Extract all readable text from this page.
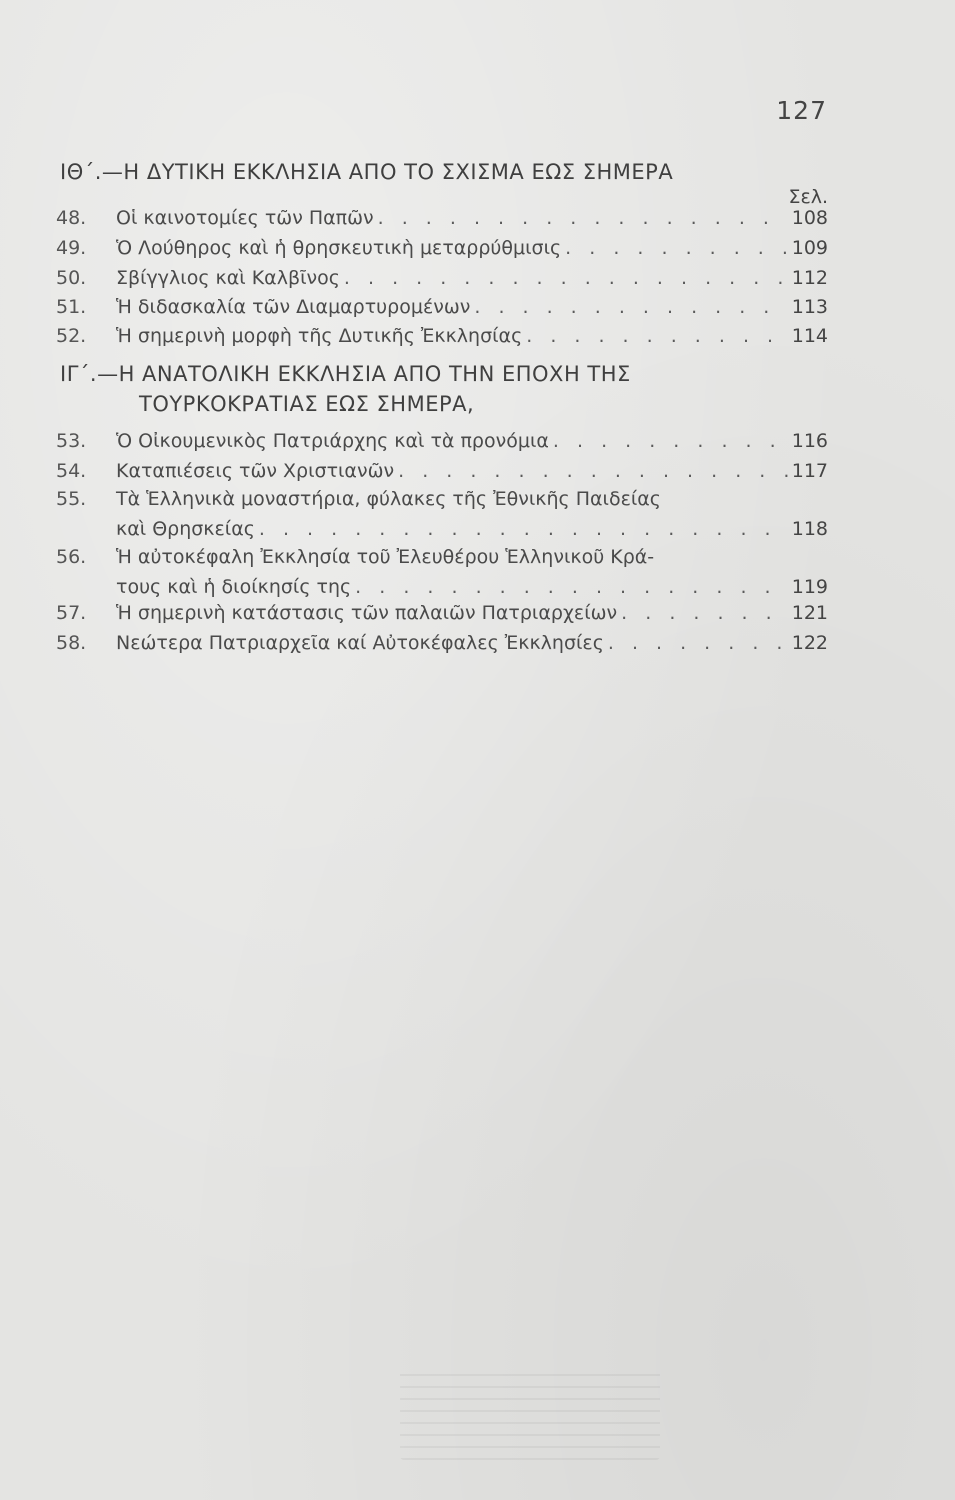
127
ΙΘ΄.—Η ΔΥΤΙΚΗ ΕΚΚΛΗΣΙΑ ΑΠΟ ΤΟ ΣΧΙΣΜΑ ΕΩΣ ΣΗΜΕΡΑ
Σελ.
48.	Οἱ καινοτομίες τῶν Παπῶν . . .	108
49.	Ὁ Λούθηρος καὶ ἡ θρησκευτικὴ μεταρρύθμισις . . .	109
50.	Σβίγγλιος καὶ Καλβῖνος . . .	112
51.	Ἡ διδασκαλία τῶν Διαμαρτυρομένων . . .	113
52.	Ἡ σημερινὴ μορφὴ τῆς Δυτικῆς Ἐκκλησίας . . .	114
ΙΓ΄.—Η ΑΝΑΤΟΛΙΚΗ ΕΚΚΛΗΣΙΑ ΑΠΟ ΤΗΝ ΕΠΟΧΗ ΤΗΣ
ΤΟΥΡΚΟΚΡΑΤΙΑΣ ΕΩΣ ΣΗΜΕΡΑ,
53.	Ὁ Οἰκουμενικὸς Πατριάρχης καὶ τὰ προνόμια . . .	116
54.	Καταπιέσεις τῶν Χριστιανῶν . . .	117
55.	Τὰ Ἑλληνικὰ μοναστήρια, φύλακες τῆς Ἐθνικῆς Παιδείας
καὶ Θρησκείας . . .	118
56.	Ἡ αὐτοκέφαλη Ἐκκλησία τοῦ Ἐλευθέρου Ἑλληνικοῦ Κρά-
τους καὶ ἡ διοίκησίς της . . .	119
57.	Ἡ σημερινὴ κατάστασις τῶν παλαιῶν Πατριαρχείων . . .	121
58.	Νεώτερα Πατριαρχεῖα καί Αὐτοκέφαλες Ἐκκλησίες . . .	122
